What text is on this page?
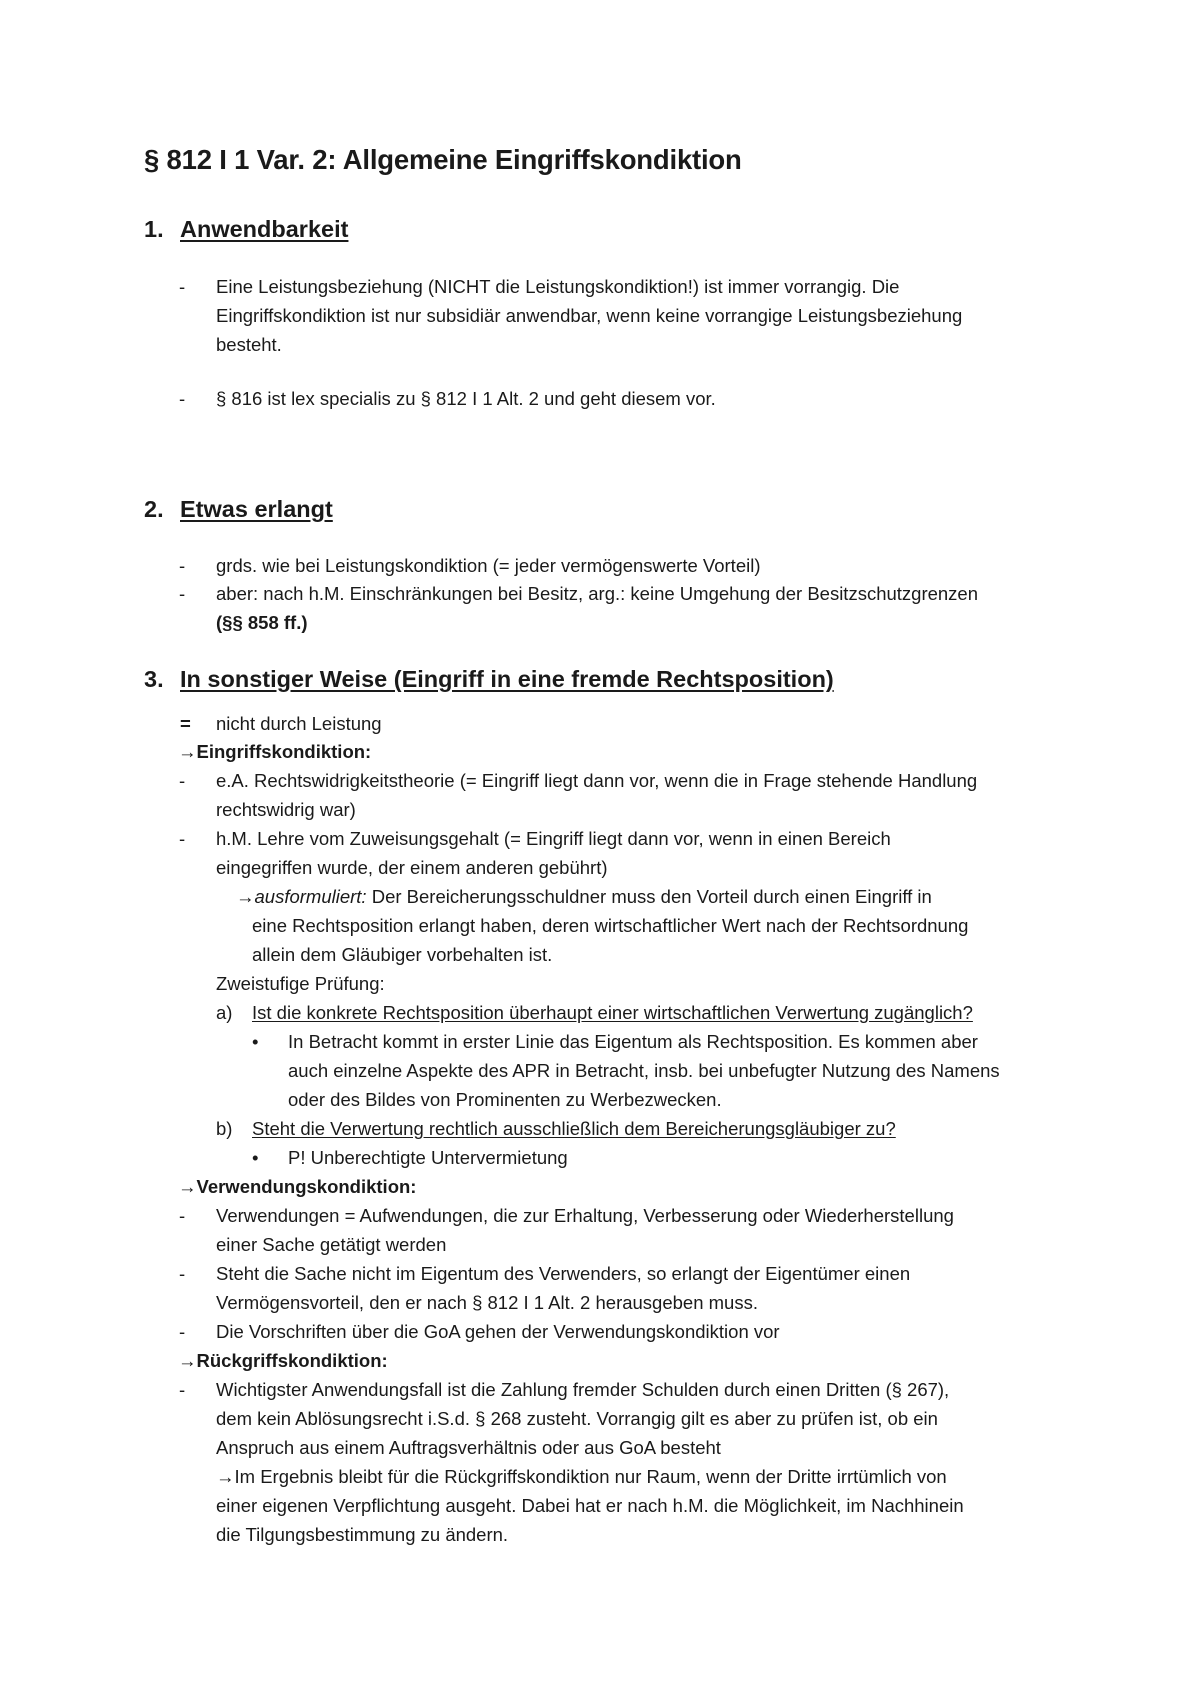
§ 812 I 1 Var. 2: Allgemeine Eingriffskondiktion
1. Anwendbarkeit

- Eine Leistungsbeziehung (NICHT die Leistungskondiktion!) ist immer vorrangig. Die

Eingriffskondiktion ist nur subsidiär anwendbar, wenn keine vorrangige Leistungsbeziehung

besteht.

- § 816 ist lex specialis zu § 812 I 1 Alt. 2 und geht diesem vor.

2. Etwas erlangt

- grds. wie bei Leistungskondiktion (= jeder vermögenswerte Vorteil)

- aber: nach h.M. Einschränkungen bei Besitz, arg.: keine Umgehung der Besitzschutzgrenzen

(§§ 858 ff.)

3. In sonstiger Weise (Eingriff in eine fremde Rechtsposition)

= nicht durch Leistung

→Eingriffskondiktion:

- e.A. Rechtswidrigkeitstheorie (= Eingriff liegt dann vor, wenn die in Frage stehende Handlung

rechtswidrig war)

- h.M. Lehre vom Zuweisungsgehalt (= Eingriff liegt dann vor, wenn in einen Bereich

eingegriffen wurde, der einem anderen gebührt)

→ausformuliert: Der Bereicherungsschuldner muss den Vorteil durch einen Eingriff in

eine Rechtsposition erlangt haben, deren wirtschaftlicher Wert nach der Rechtsordnung

allein dem Gläubiger vorbehalten ist.

Zweistufige Prüfung:

a) Ist die konkrete Rechtsposition überhaupt einer wirtschaftlichen Verwertung zugänglich?

• In Betracht kommt in erster Linie das Eigentum als Rechtsposition. Es kommen aber

auch einzelne Aspekte des APR in Betracht, insb. bei unbefugter Nutzung des Namens

oder des Bildes von Prominenten zu Werbezwecken.

b) Steht die Verwertung rechtlich ausschließlich dem Bereicherungsgläubiger zu?

• P! Unberechtigte Untervermietung

→Verwendungskondiktion:

- Verwendungen = Aufwendungen, die zur Erhaltung, Verbesserung oder Wiederherstellung

einer Sache getätigt werden

- Steht die Sache nicht im Eigentum des Verwenders, so erlangt der Eigentümer einen

Vermögensvorteil, den er nach § 812 I 1 Alt. 2 herausgeben muss.

- Die Vorschriften über die GoA gehen der Verwendungskondiktion vor

→Rückgriffskondiktion:

- Wichtigster Anwendungsfall ist die Zahlung fremder Schulden durch einen Dritten (§ 267),

dem kein Ablösungsrecht i.S.d. § 268 zusteht. Vorrangig gilt es aber zu prüfen ist, ob ein

Anspruch aus einem Auftragsverhältnis oder aus GoA besteht

→Im Ergebnis bleibt für die Rückgriffskondiktion nur Raum, wenn der Dritte irrtümlich von

einer eigenen Verpflichtung ausgeht. Dabei hat er nach h.M. die Möglichkeit, im Nachhinein

die Tilgungsbestimmung zu ändern.
